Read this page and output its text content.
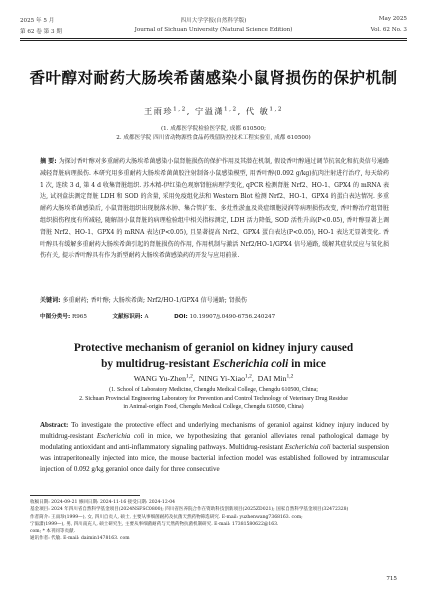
2025 年 5 月	四川大学学报(自然科学版)	May 2025
第 62 卷 第 3 期	Journal of Sichuan University (Natural Science Edition)	Vol. 62 No. 3
香叶醇对耐药大肠埃希菌感染小鼠肾损伤的保护机制
王雨珍$^{1,2}$, 宁溢潇$^{1,2}$, 代 敏$^{1,2}$
(1. 成都医学院检验医学院, 成都 610500;
2. 成都医学院 四川省动物源性食品药残留防控技术工程实验室, 成都 610500)
摘 要: 为探讨香叶醇对多重耐药大肠埃希菌感染小鼠肾脏损伤的保护作用及其潜在机制, 假设香叶醇通过调节抗氧化和抗炎信号通路减轻肾脏病理损伤. 本研究用多重耐药大肠埃希菌菌胶注射制备小鼠感染模型, 用香叶醇(0.092 g/kg)抗肉注射进行治疗, 每天给药 1 次, 连续 3 d, 第 4 d 收集肾脏组织. 苏木精-伊红染色观察肾脏病理学变化, qPCR 检测肾脏 Nrf2、HO-1、GPX4 的 mRNA 表达, 试剂盒法测定肾脏 LDH 和 SOD 的含量, 采用免疫组化法和 Western Blot 检测 Nrf2、HO-1、GPX4 的蛋白表达情况. 多重耐药大肠埃希菌感染后, 小鼠肾脏组织出现脱落水肿、集合管扩张、多灶性淤血及炎症细胞浸润等病理损伤改变, 香叶醇治疗组肾脏组织损伤程度有所减轻, 随解剖小鼠肾脏的病理检验组中相关指标测定, LDH 活力降低, SOD 活性升高(P<0.05), 香叶醇显著上调肾脏 Nrf2、HO-1、GPX4 的 mRNA 表达(P<0.05), 且显著提高 Nrf2、GPX4 蛋白表达(P<0.05), HO-1 表达无显著变化. 香叶醇具有缓解多重耐药大肠埃希菌引起的肾脏损伤的作用, 作用机制与激活 Nrf2/HO-1/GPX4 信号通路, 缓解其症状反应与氧化损伤有关, 提示香叶醇具有作为新型耐药大肠埃希菌感染药的开发与应用前景.
关键词: 多重耐药; 香叶醇; 大肠埃希菌; Nrf2/HO-1/GPX4 信号通路; 肾损伤
中图分类号: R965	文献标识码: A	DOI: 10.19907/j.0490-6756.240247
Protective mechanism of geraniol on kidney injury caused
by multidrug-resistant Escherichia coli in mice
WANG Yu-Zhen$^{1,2}$,  NING Yi-Xiao$^{1,2}$,  DAI Min$^{1,2}$
(1. School of Laboratory Medicine, Chengdu Medical College, Chengdu 610500, China;
2. Sichuan Provincial Engineering Laboratory for Prevention and Control Technology of Veterinary Drug Residue
in Animal-origin Food, Chengdu Medical College, Chengdu 610500, China)
Abstract: To investigate the protective effect and underlying mechanisms of geraniol against kidney injury induced by multidrug-resistant Escherichia coli in mice, we hypothesizing that geraniol alleviates renal pathological damage by modulating antioxidant and anti-inflammatory signaling pathways. Multidrug-resistant Escherichia coli bacterial suspension was intraperitoneally injected into mice, the mouse bacterial infection model was established followed by intramuscular injection of 0.092 g/kg geraniol once daily for three consecutive
收稿日期: 2024-09-21 修回日期: 2024-11-16 接受日期: 2024-12-04
基金项目: 2024 年四川省自然科学基金项目(2024NSFSC0800); 四川省医养院合作在资助科技创新项目(2025ZD021); 国家自然科学基金项目(32472328)
作者简介: 王雨珍(1999—), 女, 四川自贡人, 硕士, 主要从事细菌耐药及抗菌天然药物筛选研究. E-mail: yuzhenwang7368163. com;
宁溢潇(1999—), 男, 四川南充人, 硕士研究生, 主要从事细菌耐药与天然药物抗菌机制研究. E-mail: 17381580622@163.
com; * 本刊同等贡献.
通讯作者: 代敏. E-mail: daimin1478163. com
715
